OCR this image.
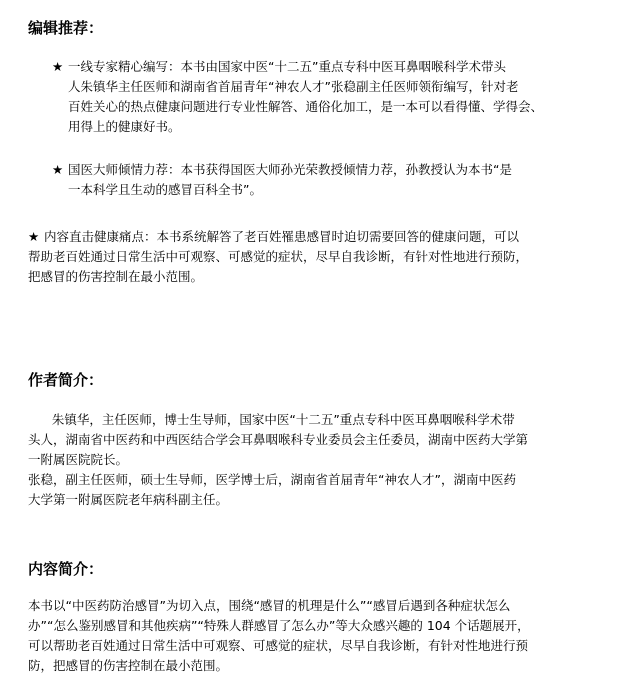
编辑推荐：
★ 一线专家精心编写：本书由国家中医“十二五”重点专科中医耳鼻咽喉科学术带头
人朱镇华主任医师和湖南省首届青年“神农人才”张稳副主任医师领衔编写，针对老
百姓关心的热点健康问题进行专业性解答、通俗化加工，是一本可以看得懂、学得会、
用得上的健康好书。
★ 国医大师倾情力荐：本书获得国医大师孙光荣教授倾情力荐，孙教授认为本书“是
一本科学且生动的感冒百科全书”。
★ 内容直击健康痛点：本书系统解答了老百姓罹患感冒时迫切需要回答的健康问题，可以
帮助老百姓通过日常生活中可观察、可感觉的症状，尽早自我诊断，有针对性地进行预防，
把感冒的伤害控制在最小范围。
作者简介：
朱镇华，主任医师，博士生导师，国家中医“十二五”重点专科中医耳鼻咽喉科学术带
头人，湖南省中医药和中西医结合学会耳鼻咽喉科专业委员会主任委员，湖南中医药大学第
一附属医院院长。
张稳，副主任医师，硕士生导师，医学博士后，湖南省首届青年“神农人才”，湖南中医药
大学第一附属医院老年病科副主任。
内容简介：
本书以“中医药防治感冒”为切入点，围绕“感冒的机理是什么”“感冒后遇到各种症状怎么
办”“怎么鉴别感冒和其他疾病”“特殊人群感冒了怎么办”等大众感兴趣的 104 个话题展开，
可以帮助老百姓通过日常生活中可观察、可感觉的症状，尽早自我诊断，有针对性地进行预
防，把感冒的伤害控制在最小范围。
